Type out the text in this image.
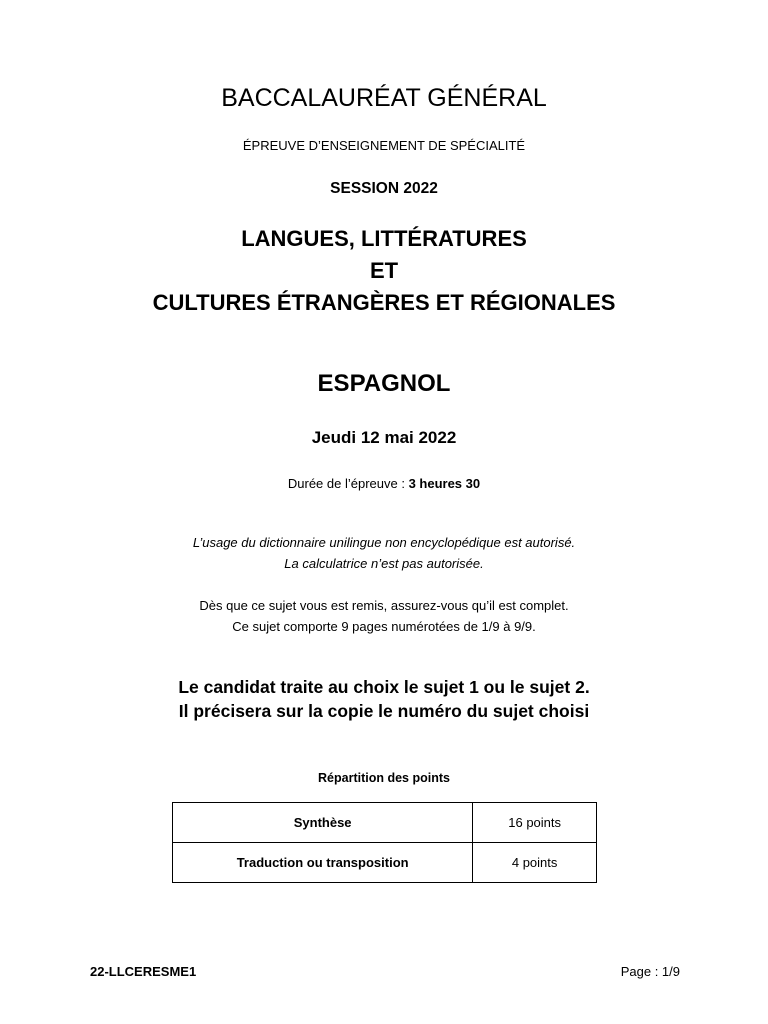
BACCALAURÉAT GÉNÉRAL
ÉPREUVE D’ENSEIGNEMENT DE SPÉCIALITÉ
SESSION 2022
LANGUES, LITTÉRATURES
ET
CULTURES ÉTRANGÈRES ET RÉGIONALES
ESPAGNOL
Jeudi 12 mai 2022
Durée de l’épreuve : 3 heures 30
L’usage du dictionnaire unilingue non encyclopédique est autorisé.
La calculatrice n’est pas autorisée.
Dès que ce sujet vous est remis, assurez-vous qu’il est complet.
Ce sujet comporte 9 pages numérotées de 1/9 à 9/9.
Le candidat traite au choix le sujet 1 ou le sujet 2.
Il précisera sur la copie le numéro du sujet choisi
Répartition des points
Synthèse	16 points
Traduction ou transposition	4 points
22-LLCERESME1	Page : 1/9
